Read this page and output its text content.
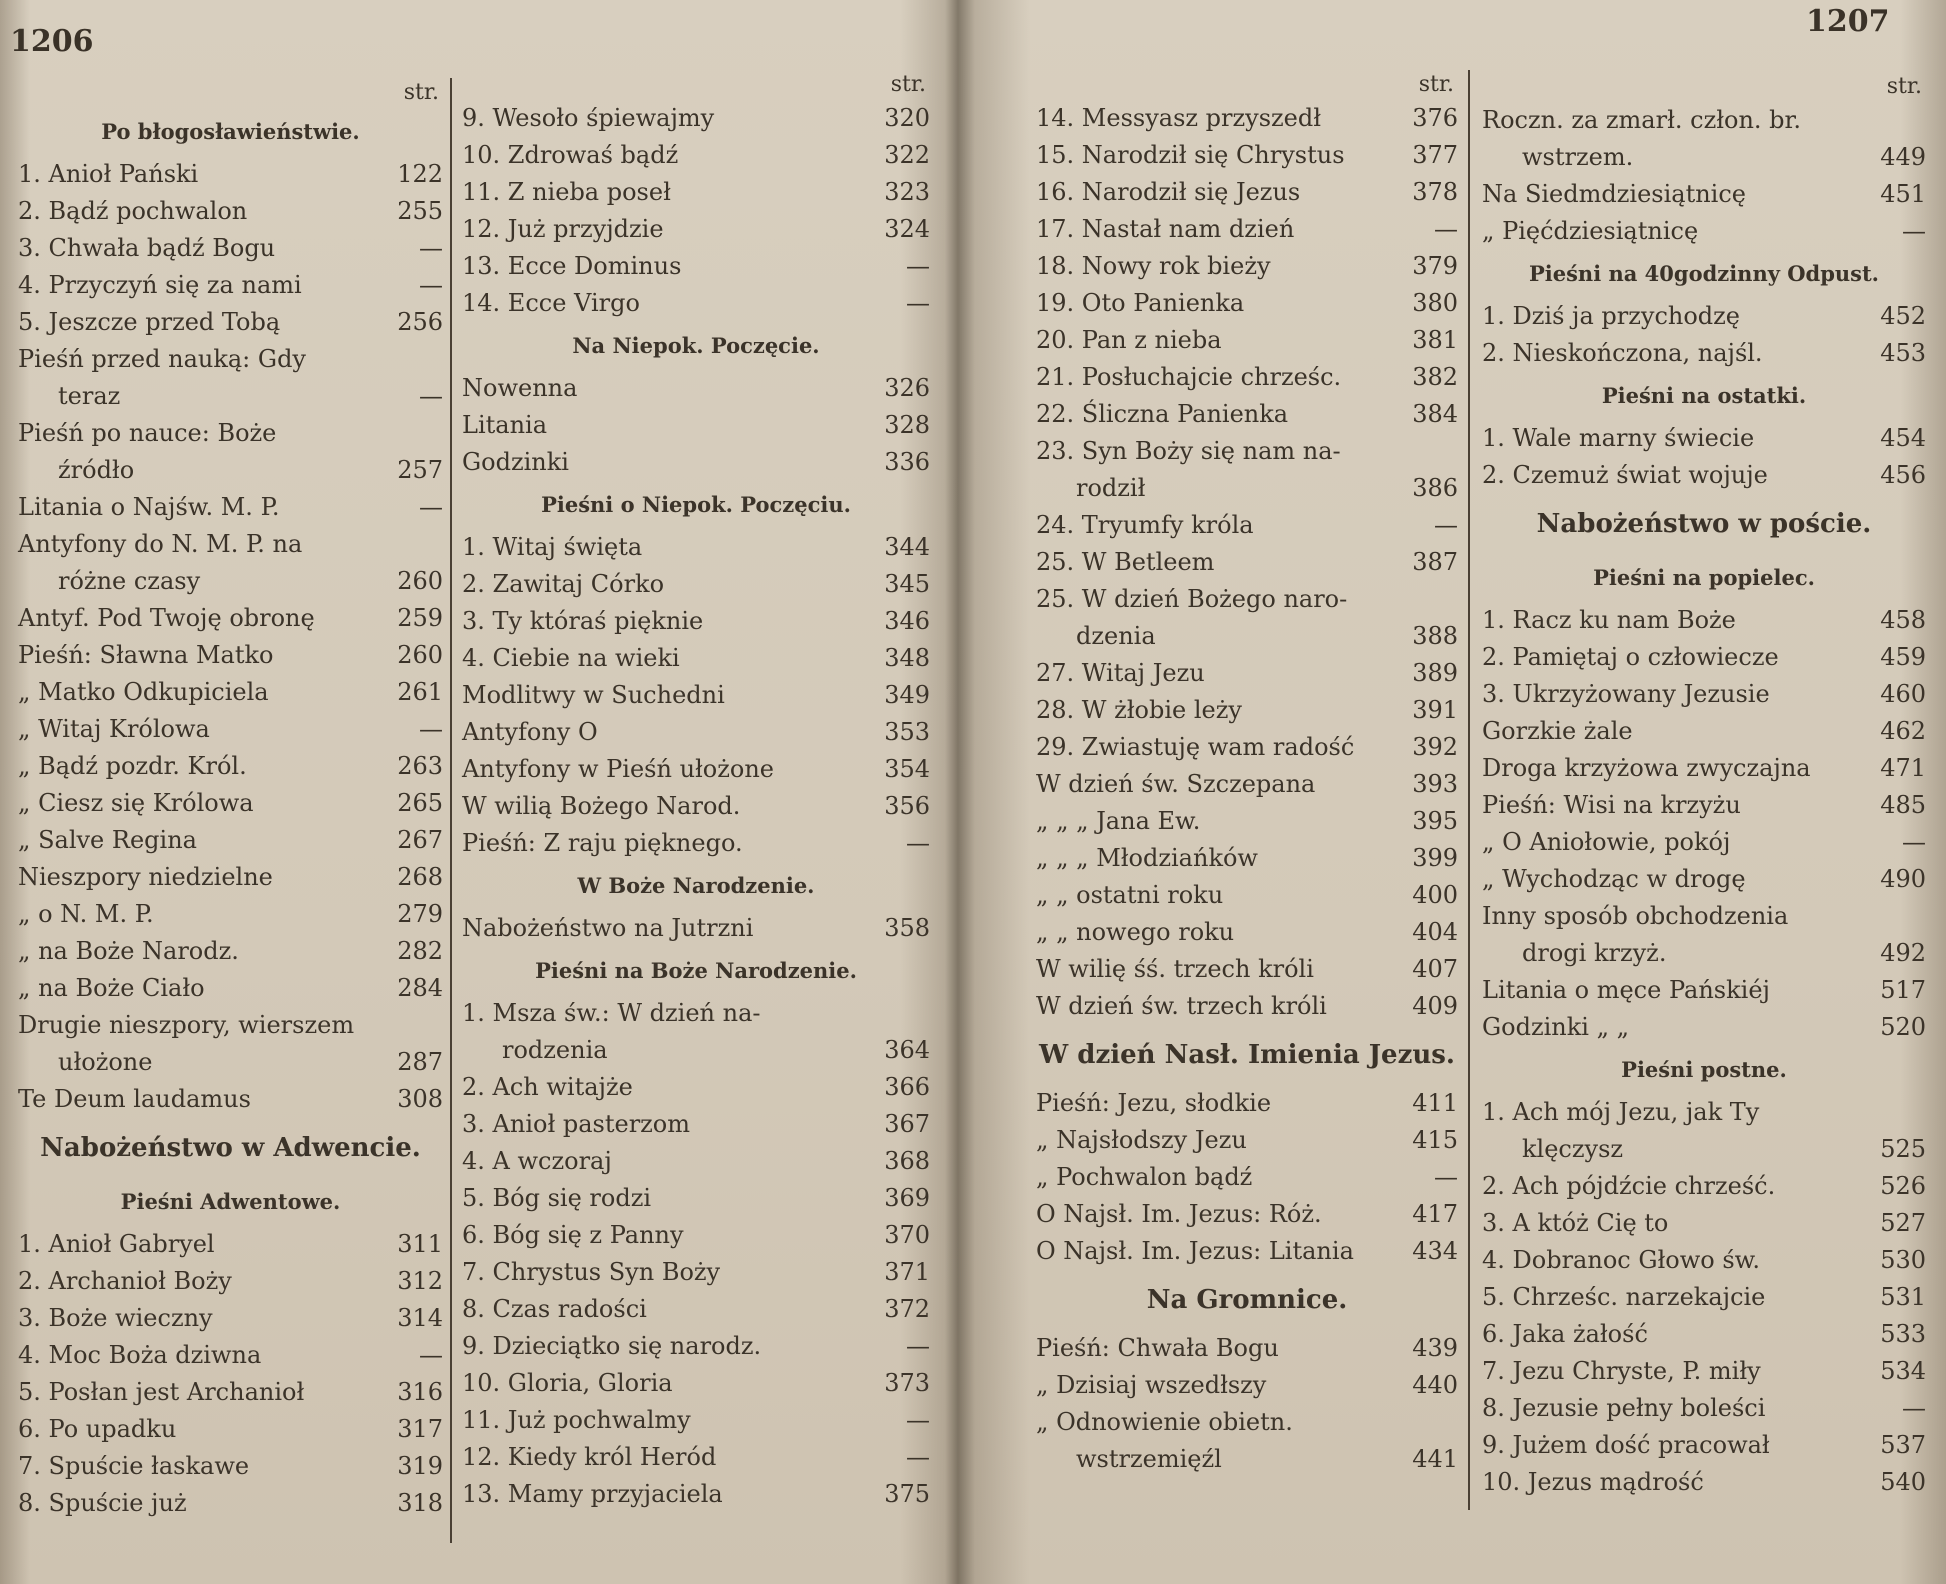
1206
1207
str.
Po błogosławieństwie.
1. Anioł Pański	122
2. Bądź pochwalon	255
3. Chwała bądź Bogu	—
4. Przyczyń się za nami	—
5. Jeszcze przed Tobą	256
Pieśń przed nauką: Gdy
teraz	—
Pieśń po nauce: Boże
źródło	257
Litania o Najśw. M. P.	—
Antyfony do N. M. P. na
różne czasy	260
Antyf. Pod Twoję obronę	259
Pieśń: Sławna Matko	260
„ Matko Odkupiciela	261
„ Witaj Królowa	—
„ Bądź pozdr. Król.	263
„ Ciesz się Królowa	265
„ Salve Regina	267
Nieszpory niedzielne	268
„ o N. M. P.	279
„ na Boże Narodz.	282
„ na Boże Ciało	284
Drugie nieszpory, wierszem
ułożone	287
Te Deum laudamus	308
Nabożeństwo w Adwencie.
Pieśni Adwentowe.
1. Anioł Gabryel	311
2. Archanioł Boży	312
3. Boże wieczny	314
4. Moc Boża dziwna	—
5. Posłan jest Archanioł	316
6. Po upadku	317
7. Spuście łaskawe	319
8. Spuście już	318
str.
9. Wesoło śpiewajmy	320
10. Zdrowaś bądź	322
11. Z nieba poseł	323
12. Już przyjdzie	324
13. Ecce Dominus	—
14. Ecce Virgo	—
Na Niepok. Poczęcie.
Nowenna	326
Litania	328
Godzinki	336
Pieśni o Niepok. Poczęciu.
1. Witaj święta	344
2. Zawitaj Córko	345
3. Ty któraś pięknie	346
4. Ciebie na wieki	348
Modlitwy w Suchedni	349
Antyfony O	353
Antyfony w Pieśń ułożone	354
W wilią Bożego Narod.	356
Pieśń: Z raju pięknego.	—
W Boże Narodzenie.
Nabożeństwo na Jutrzni	358
Pieśni na Boże Narodzenie.
1. Msza św.: W dzień na-
rodzenia	364
2. Ach witajże	366
3. Anioł pasterzom	367
4. A wczoraj	368
5. Bóg się rodzi	369
6. Bóg się z Panny	370
7. Chrystus Syn Boży	371
8. Czas radości	372
9. Dzieciątko się narodz.	—
10. Gloria, Gloria	373
11. Już pochwalmy	—
12. Kiedy król Heród	—
13. Mamy przyjaciela	375
str.
14. Messyasz przyszedł	376
15. Narodził się Chrystus	377
16. Narodził się Jezus	378
17. Nastał nam dzień	—
18. Nowy rok bieży	379
19. Oto Panienka	380
20. Pan z nieba	381
21. Posłuchajcie chrześc.	382
22. Śliczna Panienka	384
23. Syn Boży się nam na-
rodził	386
24. Tryumfy króla	—
25. W Betleem	387
25. W dzień Bożego naro-
dzenia	388
27. Witaj Jezu	389
28. W żłobie leży	391
29. Zwiastuję wam radość	392
W dzień św. Szczepana	393
„ „ „ Jana Ew.	395
„ „ „ Młodziańków	399
„ „ ostatni roku	400
„ „ nowego roku	404
W wilię śś. trzech króli	407
W dzień św. trzech króli	409
W dzień Nasł. Imienia Jezus.
Pieśń: Jezu, słodkie	411
„ Najsłodszy Jezu	415
„ Pochwalon bądź	—
O Najsł. Im. Jezus: Róż.	417
O Najsł. Im. Jezus: Litania	434
Na Gromnice.
Pieśń: Chwała Bogu	439
„ Dzisiaj wszedłszy	440
„ Odnowienie obietn.
wstrzemięźl	441
str.
Roczn. za zmarł. człon. br.
wstrzem.	449
Na Siedmdziesiątnicę	451
„ Pięćdziesiątnicę	—
Pieśni na 40godzinny Odpust.
1. Dziś ja przychodzę	452
2. Nieskończona, najśl.	453
Pieśni na ostatki.
1. Wale marny świecie	454
2. Czemuż świat wojuje	456
Nabożeństwo w poście.
Pieśni na popielec.
1. Racz ku nam Boże	458
2. Pamiętaj o człowiecze	459
3. Ukrzyżowany Jezusie	460
Gorzkie żale	462
Droga krzyżowa zwyczajna	471
Pieśń: Wisi na krzyżu	485
„ O Aniołowie, pokój	—
„ Wychodząc w drogę	490
Inny sposób obchodzenia
drogi krzyż.	492
Litania o męce Pańskiéj	517
Godzinki „ „	520
Pieśni postne.
1. Ach mój Jezu, jak Ty
klęczysz	525
2. Ach pójdźcie chrześć.	526
3. A któż Cię to	527
4. Dobranoc Głowo św.	530
5. Chrześc. narzekajcie	531
6. Jaka żałość	533
7. Jezu Chryste, P. miły	534
8. Jezusie pełny boleści	—
9. Jużem dość pracował	537
10. Jezus mądrość	540
